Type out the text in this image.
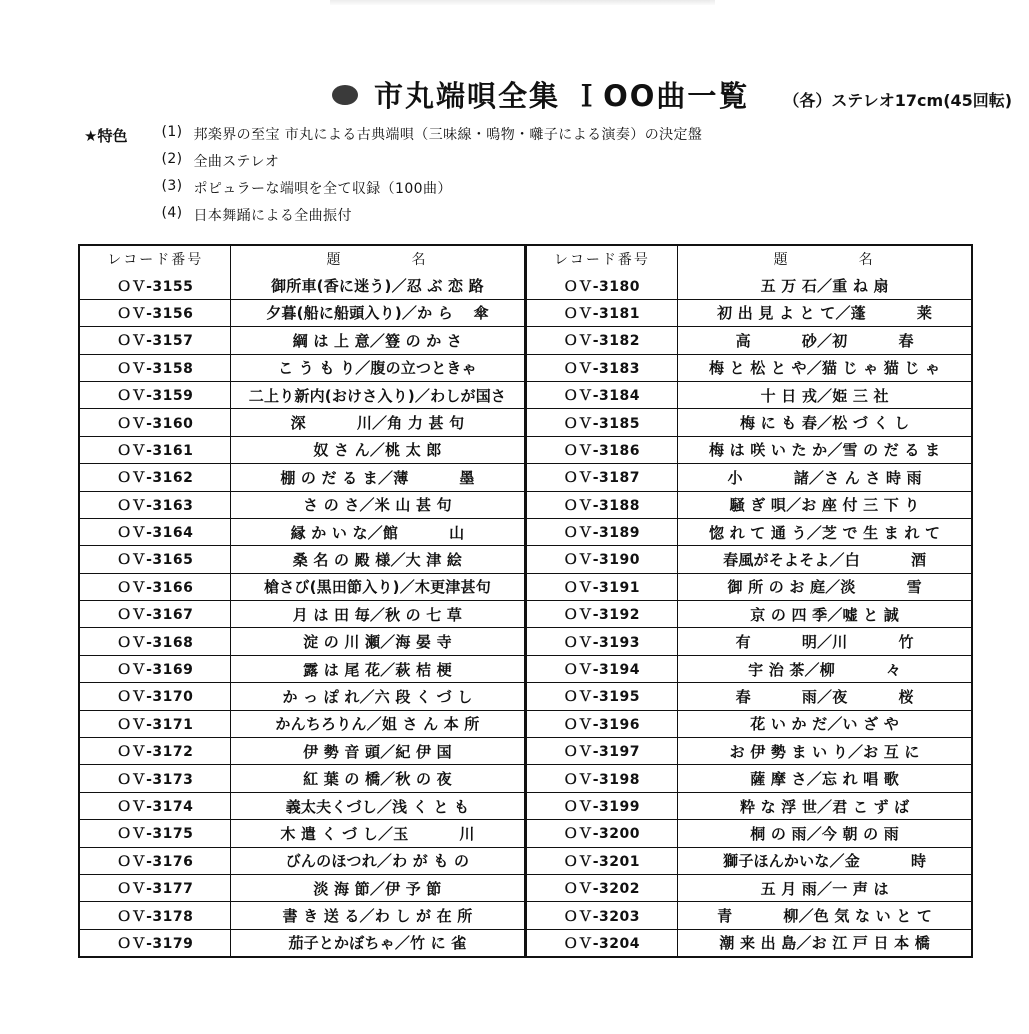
市丸端唄全集 ＩOO曲一覧 （各）ステレオ17cm(45回転)
★特色 (1) 邦楽界の至宝 市丸による古典端唄（三味線・鳴物・囃子による演奏）の決定盤
(2) 全曲ステレオ
(3) ポピュラーな端唄を全て収録（100曲）
(4) 日本舞踊による全曲振付
レコード番号	題　　　　名
ＯＶ-3155	御所車(香に迷う)／忍 ぶ 恋 路
ＯＶ-3156	夕暮(船に船頭入り)／か ら 　傘
ＯＶ-3157	綱 は 上 意／簦 の か さ
ＯＶ-3158	こ う も り／腹の立つときゃ
ＯＶ-3159	二上り新内(おけさ入り)／わしが国さ
ＯＶ-3160	深 　　　川／角 力 甚 句
ＯＶ-3161	奴 さ ん／桃 太 郎
ＯＶ-3162	棚 の だ る ま／薄 　　　墨
ＯＶ-3163	さ の さ／米 山 甚 句
ＯＶ-3164	縁 か い な／館 　　　山
ＯＶ-3165	桑 名 の 殿 様／大 津 絵
ＯＶ-3166	槍さび(黒田節入り)／木更津甚句
ＯＶ-3167	月 は 田 毎／秋 の 七 草
ＯＶ-3168	淀 の 川 瀬／海 晏 寺
ＯＶ-3169	露 は 尾 花／萩 桔 梗
ＯＶ-3170	か っ ぽ れ／六 段 く づ し
ＯＶ-3171	かんちろりん／姐 さ ん 本 所
ＯＶ-3172	伊 勢 音 頭／紀 伊 国
ＯＶ-3173	紅 葉 の 橋／秋 の 夜
ＯＶ-3174	義太夫くづし／浅 く と も
ＯＶ-3175	木 遣 く づ し／玉 　　　川
ＯＶ-3176	びんのほつれ／わ が も の
ＯＶ-3177	淡 海 節／伊 予 節
ＯＶ-3178	書 き 送 る／わ し が 在 所
ＯＶ-3179	茄子とかぼちゃ／竹 に 雀
レコード番号	題　　　　名
ＯＶ-3180	五 万 石／重 ね 扇
ＯＶ-3181	初 出 見 よ と て／蓬 　　　莱
ＯＶ-3182	高 　　　砂／初 　　　春
ＯＶ-3183	梅 と 松 と や／猫 じ ゃ 猫 じ ゃ
ＯＶ-3184	十 日 戎／姫 三 社
ＯＶ-3185	梅 に も 春／松 づ く し
ＯＶ-3186	梅 は 咲 い た か／雪 の だ る ま
ＯＶ-3187	小 　　　諸／さ ん さ 時 雨
ＯＶ-3188	騒 ぎ 唄／お 座 付 三 下 り
ＯＶ-3189	惚 れ て 通 う／芝 で 生 ま れ て
ＯＶ-3190	春風がそよそよ／白 　　　酒
ＯＶ-3191	御 所 の お 庭／淡 　　　雪
ＯＶ-3192	京 の 四 季／嘘 と 誠
ＯＶ-3193	有 　　　明／川 　　　竹
ＯＶ-3194	宇 治 茶／柳 　　　々
ＯＶ-3195	春 　　　雨／夜 　　　桜
ＯＶ-3196	花 い か だ／い ざ や
ＯＶ-3197	お 伊 勢 ま い り／お 互 に
ＯＶ-3198	薩 摩 さ／忘 れ 唱 歌
ＯＶ-3199	粋 な 浮 世／君 こ ず ば
ＯＶ-3200	桐 の 雨／今 朝 の 雨
ＯＶ-3201	獅子ほんかいな／金 　　　時
ＯＶ-3202	五 月 雨／一 声 は
ＯＶ-3203	青 　　　柳／色 気 な い と て
ＯＶ-3204	潮 来 出 島／お 江 戸 日 本 橋
